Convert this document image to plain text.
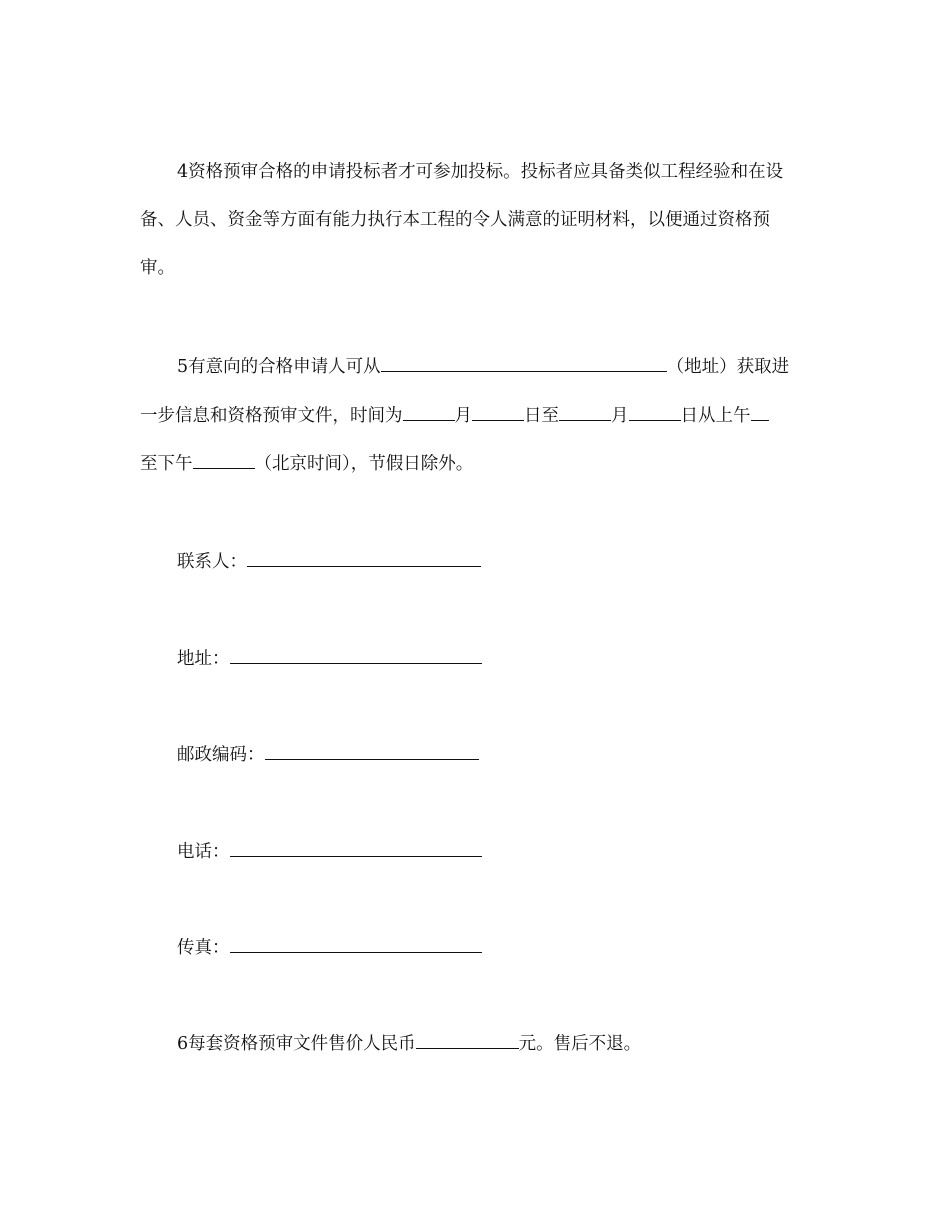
4资格预审合格的申请投标者才可参加投标。投标者应具备类似工程经验和在设
备、人员、资金等方面有能力执行本工程的令人满意的证明材料，以便通过资格预
审。
5有意向的合格申请人可从	（地址）获取进
一步信息和资格预审文件，时间为	月	日至	月	日从上午
至下午	（北京时间），节假日除外。
联系人：
地址：
邮政编码：
电话：
传真：
6每套资格预审文件售价人民币	元。售后不退。
